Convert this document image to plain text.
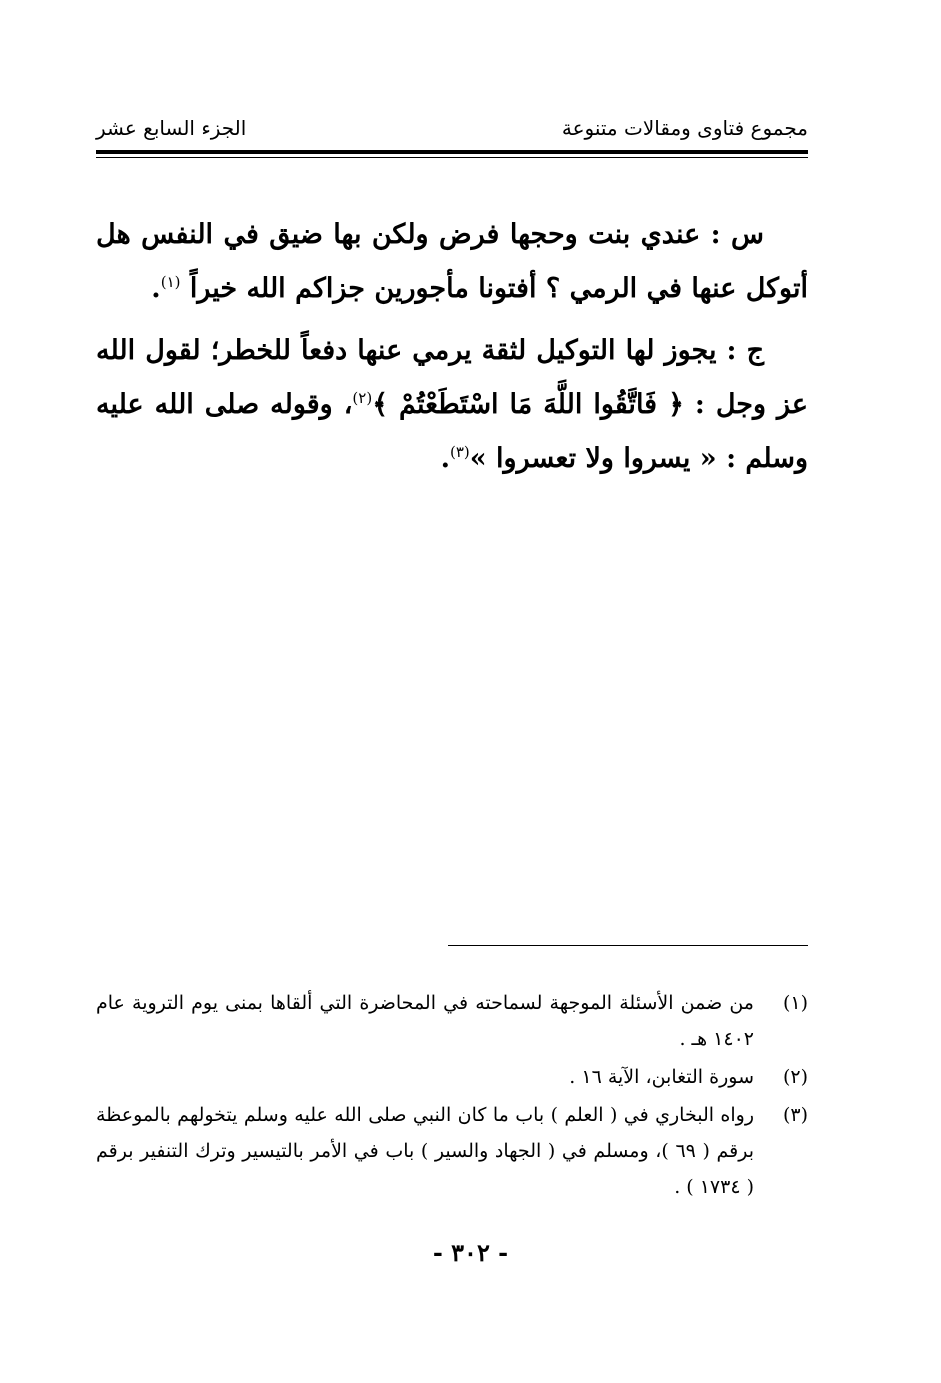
مجموع فتاوى ومقالات متنوعة
الجزء السابع عشر

س : عندي بنت وحجها فرض ولكن بها ضيق في النفس هل أتوكل عنها في الرمي ؟ أفتونا مأجورين جزاكم الله خيراً $^{(١)}$.

ج : يجوز لها التوكيل لثقة يرمي عنها دفعاً للخطر؛ لقول الله عز وجل : ﴿ فَاتَّقُوا اللَّهَ مَا اسْتَطَعْتُمْ ﴾$^{(٢)}$، وقوله صلى الله عليه وسلم : « يسروا ولا تعسروا »$^{(٣)}$.

(١)
من ضمن الأسئلة الموجهة لسماحته في المحاضرة التي ألقاها بمنى يوم التروية عام ١٤٠٢ هـ .
(٢)
سورة التغابن، الآية ١٦ .
(٣)
رواه البخاري في ( العلم ) باب ما كان النبي صلى الله عليه وسلم يتخولهم بالموعظة برقم ( ٦٩ )، ومسلم في ( الجهاد والسير ) باب في الأمر بالتيسير وترك التنفير برقم ( ١٧٣٤ ) .
- ٣٠٢ -
